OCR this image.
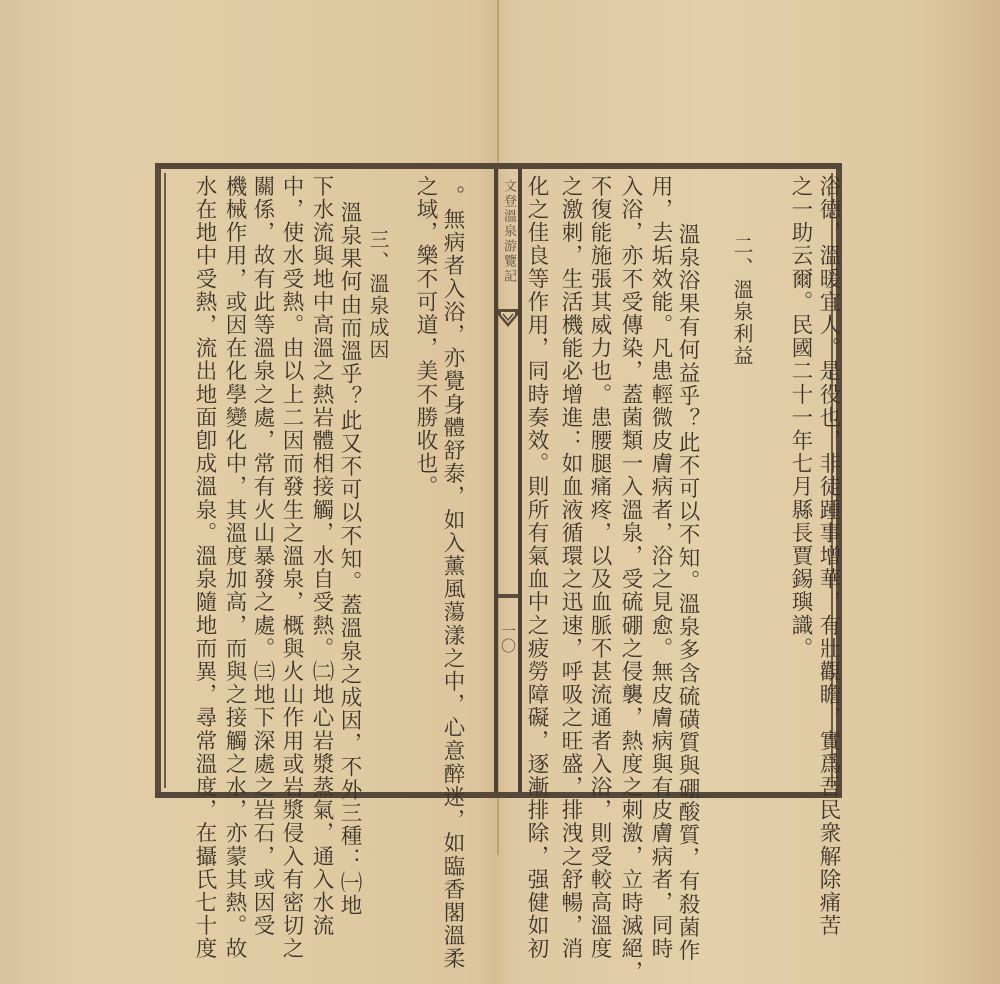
文登溫泉游覽記
一〇	浴德，溫暖宜人。是役也，非徒踵事增華，有壯觀瞻，實爲吾民衆解除痛苦
之一助云爾。民國二十一年七月縣長賈錫璵識。
二、溫泉利益
溫泉浴果有何益乎？此不可以不知。溫泉多含硫磺質與硼酸質，有殺菌作
用，去垢效能。凡患輕微皮膚病者，浴之見愈。無皮膚病與有皮膚病者，同時
入浴，亦不受傳染，蓋菌類一入溫泉，受硫硼之侵襲，熱度之刺激，立時滅絕，
不復能施張其威力也。患腰腿痛疼，以及血脈不甚流通者入浴，則受較高溫度
之激刺，生活機能必增進：如血液循環之迅速，呼吸之旺盛，排洩之舒暢，消
化之佳良等作用，同時奏效。則所有氣血中之疲勞障礙，逐漸排除，强健如初
。無病者入浴，亦覺身體舒泰，如入薰風蕩漾之中，心意醉迷，如臨香閣溫柔
之域，樂不可道，美不勝收也。
三、溫泉成因
溫泉果何由而溫乎？此又不可以不知。蓋溫泉之成因，不外三種：㈠地
下水流與地中高溫之熱岩體相接觸，水自受熱。㈡地心岩漿蒸氣，通入水流
中，使水受熱。由以上二因而發生之溫泉，概與火山作用或岩漿侵入有密切之
關係，故有此等溫泉之處，常有火山暴發之處。㈢地下深處之岩石，或因受
機械作用，或因在化學變化中，其溫度加高，而與之接觸之水，亦蒙其熱。故
水在地中受熱，流出地面卽成溫泉。溫泉隨地而異，尋常溫度，在攝氏七十度
